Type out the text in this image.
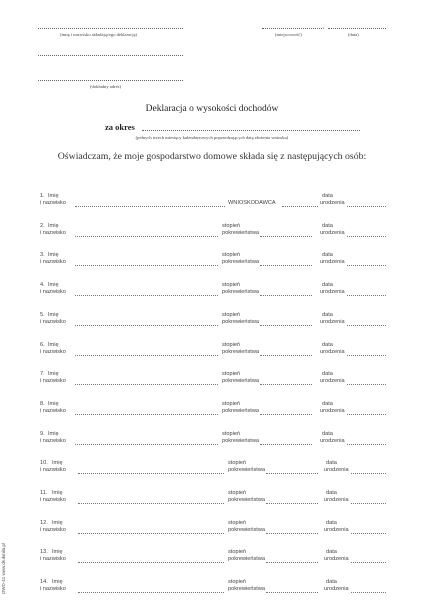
(imię i nazwisko składającego deklarację)
,
(miejscowość)	(data)
(dokładny adres)
Deklaracja o wysokości dochodów
za okres
(pełnych trzech miesięcy kalendarzowych poprzedzających datę złożenia wniosku)
Oświadczam, że moje gospodarstwo domowe składa się z następujących osób:
1. Imię
i nazwisko	WNIOSKODAWCA
data
urodzenia
2. Imię
i nazwisko
stopień
pokrewieństwa
data
urodzenia
3. Imię
i nazwisko
stopień
pokrewieństwa
data
urodzenia
4. Imię
i nazwisko
stopień
pokrewieństwa
data
urodzenia
5. Imię
i nazwisko
stopień
pokrewieństwa
data
urodzenia
6. Imię
i nazwisko
stopień
pokrewieństwa
data
urodzenia
7. Imię
i nazwisko
stopień
pokrewieństwa
data
urodzenia
8. Imię
i nazwisko
stopień
pokrewieństwa
data
urodzenia
9. Imię
i nazwisko
stopień
pokrewieństwa
data
urodzenia
10. Imię
i nazwisko
stopień
pokrewieństwa
data
urodzenia
11. Imię
i nazwisko
stopień
pokrewieństwa
data
urodzenia
12. Imię
i nazwisko
stopień
pokrewieństwa
data
urodzenia
13. Imię
i nazwisko
stopień
pokrewieństwa
data
urodzenia
14. Imię
i nazwisko
stopień
pokrewieństwa
data
urodzenia
DWD-41 www.drukmila.pl
